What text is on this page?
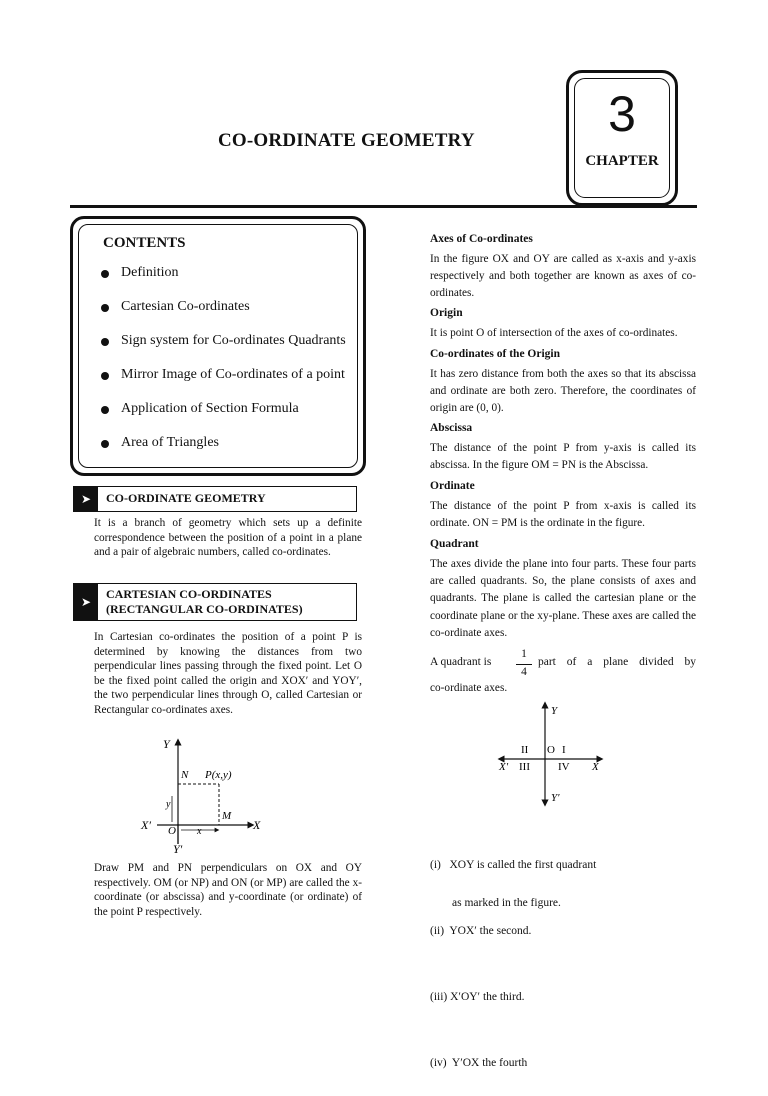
CO-ORDINATE GEOMETRY	3
CHAPTER
CONTENTS
Definition
Cartesian Co-ordinates
Sign system for Co-ordinates Quadrants
Mirror Image of Co-ordinates of a point
Application of Section Formula
Area of Triangles
➤	CO-ORDINATE GEOMETRY
It is a branch of geometry which sets up a definite correspondence between the position of a point in a plane and a pair of algebraic numbers, called co-ordinates.
➤
CARTESIAN CO-ORDINATES
(RECTANGULAR CO-ORDINATES)
In Cartesian co-ordinates the position of a point P is determined by knowing the distances from two perpendicular lines passing through the fixed point. Let O be the fixed point called the origin and XOX′ and YOY′, the two perpendicular lines through O, called Cartesian or Rectangular co-ordinates axes.
Y
Y′
X
X′
N P(x,y)
M
O
y
x
Draw PM and PN perpendiculars on OX and OY respectively. OM (or NP) and ON (or MP) are called the x-coordinate (or abscissa) and y-coordinate (or ordinate) of the point P respectively.
Axes of Co-ordinates
In the figure OX and OY are called as x-axis and y-axis respectively and both together are known as axes of co-ordinates.
Origin
It is point O of intersection of the axes of co-ordinates.
Co-ordinates of the Origin
It has zero distance from both the axes so that its abscissa and ordinate are both zero. Therefore, the coordinates of origin are (0, 0).
Abscissa
The distance of the point P from y-axis is called its abscissa. In the figure OM = PN is the Abscissa.
Ordinate
The distance of the point P from x-axis is called its ordinate. ON = PM is the ordinate in the figure.
Quadrant
The axes divide the plane into four parts. These four parts are called quadrants. So, the plane consists of axes and quadrants. The plane is called the cartesian plane or the coordinate plane or the xy-plane. These axes are called the co-ordinate axes.
A quadrant is
1
4
part of a plane divided by
co-ordinate axes.
Y
Y′
X
X′
O I
II
III	IV

(i)   XOY is called the first quadrant

(ii)  YOX′ the second.

(iii) X′OY′ the third.

(iv)  Y′OX the fourth

as marked in the figure.
